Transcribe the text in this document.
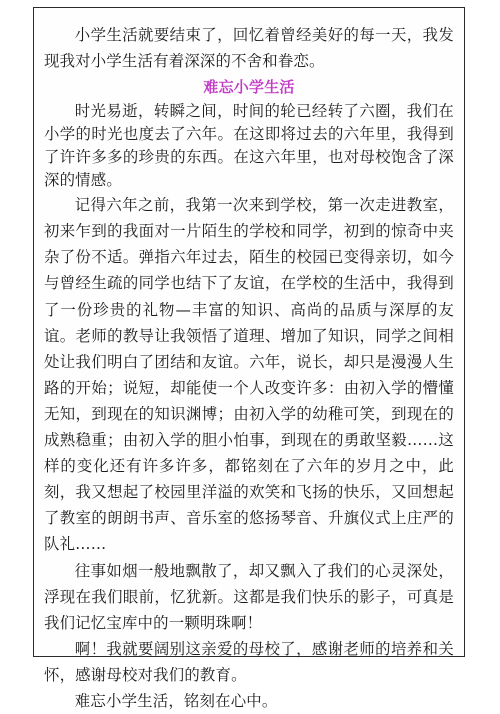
小学生活就要结束了，回忆着曾经美好的每一天，我发现我对小学生活有着深深的不舍和眷恋。

难忘小学生活

时光易逝，转瞬之间，时间的轮已经转了六圈，我们在小学的时光也度去了六年。在这即将过去的六年里，我得到了许许多多的珍贵的东西。在这六年里，也对母校饱含了深深的情感。

记得六年之前，我第一次来到学校，第一次走进教室，初来乍到的我面对一片陌生的学校和同学，初到的惊奇中夹杂了份不适。弹指六年过去，陌生的校园已变得亲切，如今与曾经生疏的同学也结下了友谊，在学校的生活中，我得到了一份珍贵的礼物—丰富的知识、高尚的品质与深厚的友谊。老师的教导让我领悟了道理、增加了知识，同学之间相处让我们明白了团结和友谊。六年，说长，却只是漫漫人生路的开始；说短，却能使一个人改变许多：由初入学的懵懂无知，到现在的知识渊博；由初入学的幼稚可笑，到现在的成熟稳重；由初入学的胆小怕事，到现在的勇敢坚毅……这样的变化还有许多许多，都铭刻在了六年的岁月之中，此刻，我又想起了校园里洋溢的欢笑和飞扬的快乐，又回想起了教室的朗朗书声、音乐室的悠扬琴音、升旗仪式上庄严的队礼……

往事如烟一般地飘散了，却又飘入了我们的心灵深处，浮现在我们眼前，忆犹新。这都是我们快乐的影子，可真是我们记忆宝库中的一颗明珠啊！

啊！我就要阔别这亲爱的母校了，感谢老师的培养和关怀，感谢母校对我们的教育。

难忘小学生活，铭刻在心中。
